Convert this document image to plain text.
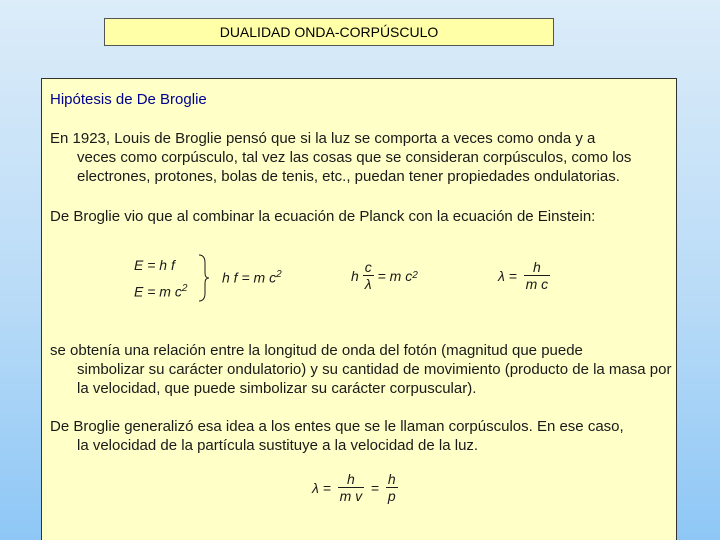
DUALIDAD ONDA-CORPÚSCULO
Hipótesis de De Broglie
En 1923, Louis de Broglie pensó que si la luz se comporta a veces como onda y a
veces como corpúsculo, tal vez las cosas que se consideran corpúsculos, como los electrones, protones, bolas de tenis, etc., puedan tener propiedades ondulatorias.
De Broglie vio que al combinar la ecuación de Planck con la ecuación de Einstein:
E = h f
E = m $c^2$
h f = m $c^2$	h
$\frac{c}{\lambda}$
= m c 2	λ =
$\frac{h}{\text{m c}}$
se obtenía una relación entre la longitud de onda del fotón (magnitud que puede
simbolizar su carácter ondulatorio) y su cantidad de movimiento (producto de la masa por la velocidad, que puede simbolizar su carácter corpuscular).
De Broglie generalizó esa idea a los entes que se le llaman corpúsculos. En ese caso,
la velocidad de la partícula sustituye a la velocidad de la luz.
λ =
$\frac{h}{\text{m v}}$
=
$\frac{h}{p}$
